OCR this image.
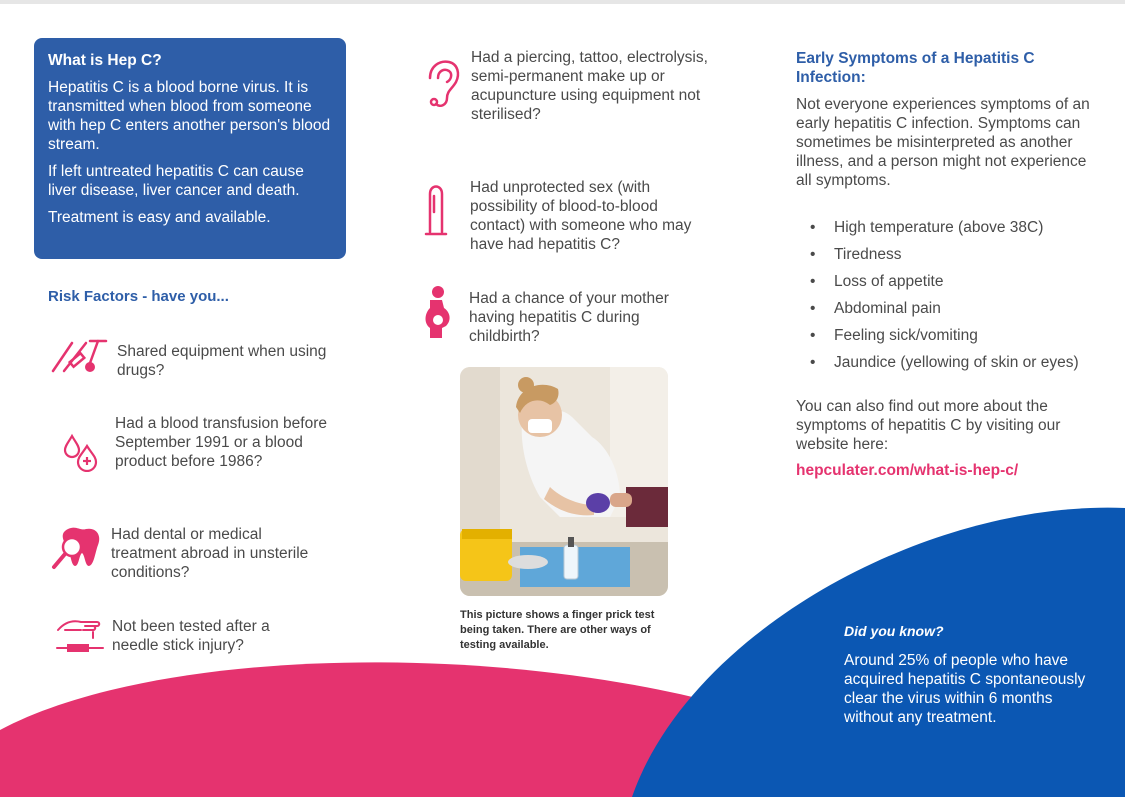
What is Hep C?

Hepatitis C is a blood borne virus. It is transmitted when blood from someone with hep C enters another person's blood stream.

If left untreated hepatitis C can cause liver disease, liver cancer and death.

Treatment is easy and available.

Risk Factors - have you...
Shared equipment when using drugs?
Had a blood transfusion before September 1991 or a blood product before 1986?
Had dental or medical treatment abroad in unsterile conditions?
Not been tested after a needle stick injury?
Had a piercing, tattoo, electrolysis, semi-permanent make up or acupuncture using equipment not sterilised?
Had unprotected sex (with possibility of blood-to-blood contact) with someone who may have had hepatitis C?
Had a chance of your mother having hepatitis C during childbirth?
This picture shows a finger prick test being taken. There are other ways of testing available.
Early Symptoms of a Hepatitis C Infection:
Not everyone experiences symptoms of an early hepatitis C infection. Symptoms can sometimes be misinterpreted as another illness, and a person might not experience all symptoms.
• High temperature (above 38C)
• Tiredness
• Loss of appetite
• Abdominal pain
• Feeling sick/vomiting
• Jaundice (yellowing of skin or eyes)
You can also find out more about the symptoms of hepatitis C by visiting our website here:
hepculater.com/what-is-hep-c/
Did you know?
Around 25% of people who have acquired hepatitis C spontaneously clear the virus within 6 months without any treatment.
